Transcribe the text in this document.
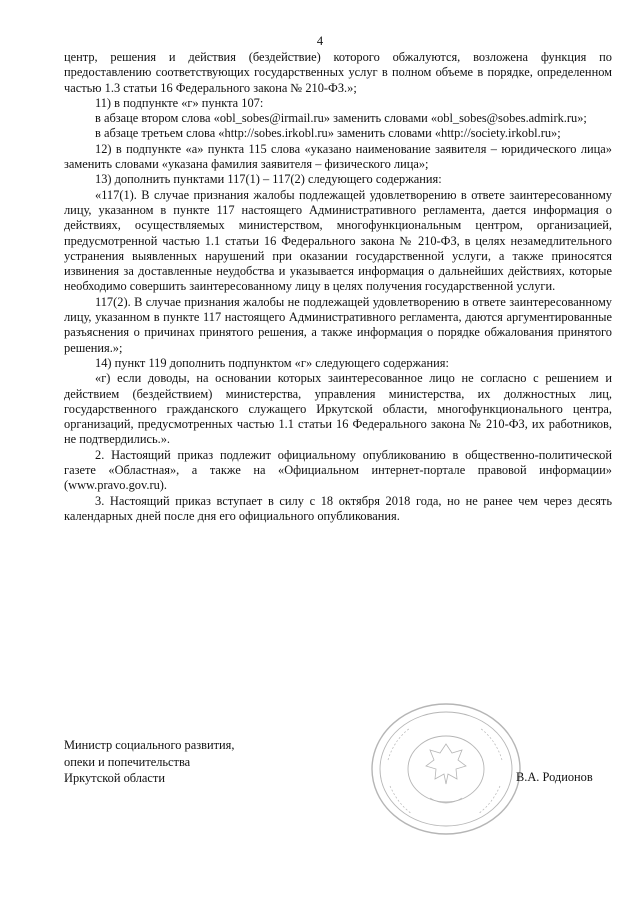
4

центр, решения и действия (бездействие) которого обжалуются, возложена функция по предоставлению соответствующих государственных услуг в полном объеме в порядке, определенном частью 1.3 статьи 16 Федерального закона № 210-ФЗ.»;

11) в подпункте «г» пункта 107:

в абзаце втором слова «obl_sobes@irmail.ru» заменить словами «obl_sobes@sobes.admirk.ru»;

в абзаце третьем слова «http://sobes.irkobl.ru» заменить словами «http://society.irkobl.ru»;

12) в подпункте «а» пункта 115 слова «указано наименование заявителя – юридического лица» заменить словами «указана фамилия заявителя – физического лица»;

13) дополнить пунктами 117(1) – 117(2) следующего содержания:

«117(1). В случае признания жалобы подлежащей удовлетворению в ответе заинтересованному лицу, указанном в пункте 117 настоящего Административного регламента, дается информация о действиях, осуществляемых министерством, многофункциональным центром, организацией, предусмотренной частью 1.1 статьи 16 Федерального закона № 210-ФЗ, в целях незамедлительного устранения выявленных нарушений при оказании государственной услуги, а также приносятся извинения за доставленные неудобства и указывается информация о дальнейших действиях, которые необходимо совершить заинтересованному лицу в целях получения государственной услуги.

117(2). В случае признания жалобы не подлежащей удовлетворению в ответе заинтересованному лицу, указанном в пункте 117 настоящего Административного регламента, даются аргументированные разъяснения о причинах принятого решения, а также информация о порядке обжалования принятого решения.»;

14) пункт 119 дополнить подпунктом «г» следующего содержания:

«г) если доводы, на основании которых заинтересованное лицо не согласно с решением и действием (бездействием) министерства, управления министерства, их должностных лиц, государственного гражданского служащего Иркутской области, многофункционального центра, организаций, предусмотренных частью 1.1 статьи 16 Федерального закона № 210-ФЗ, их работников, не подтвердились.».

2. Настоящий приказ подлежит официальному опубликованию в общественно-политической газете «Областная», а также на «Официальном интернет-портале правовой информации» (www.pravo.gov.ru).

3. Настоящий приказ вступает в силу с 18 октября 2018 года, но не ранее чем через десять календарных дней после дня его официального опубликования.

Министр социального развития,
опеки и попечительства
Иркутской области	В.А. Родионов
